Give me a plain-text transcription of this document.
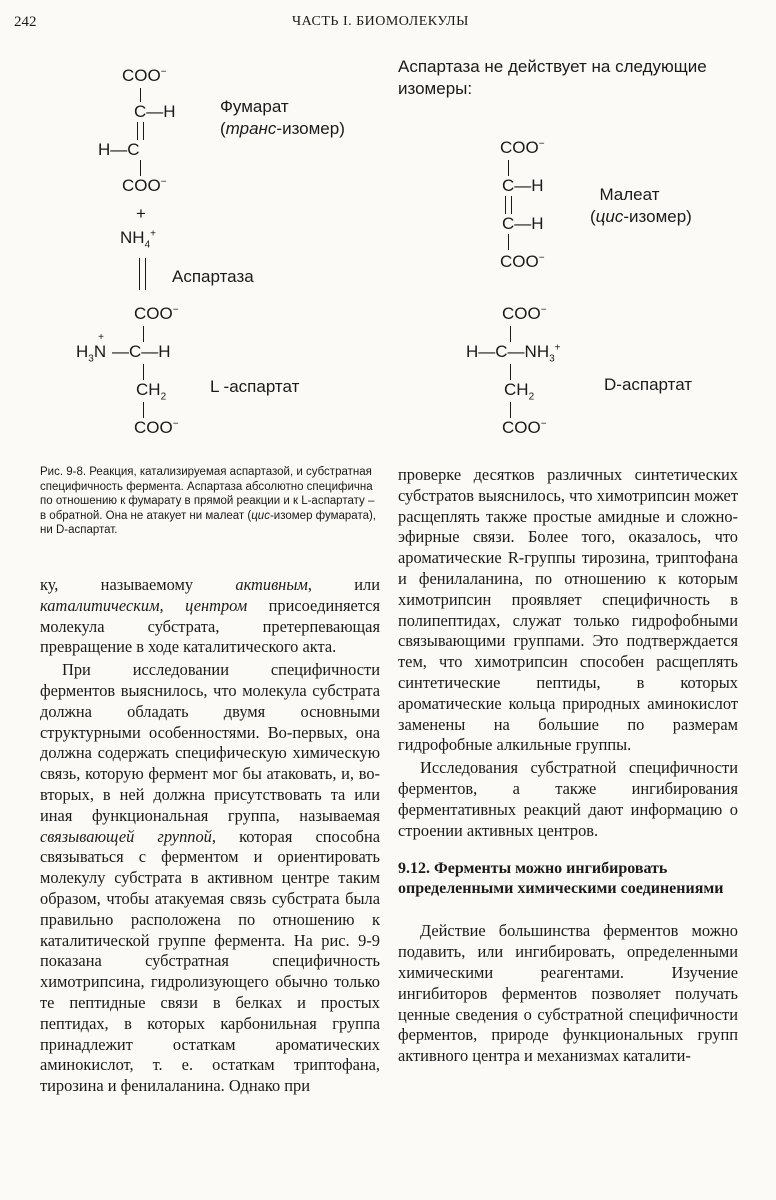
242	ЧАСТЬ I. БИОМОЛЕКУЛЫ
COO−
C—H
H—C
COO−
Фумарат
(транс-изомер)
+
$NH_4^+$
Аспартаза
COO−
$H_3N^+—C—H$
$CH_2$
COO−
L -аспартат
Аспартаза не действует на следующие изомеры:
COO−
C—H
C—H
COO−
Малеат
(цис-изомер)
COO−
$H—C—NH_3^+$
$CH_2$
COO−
D-аспартат
Рис. 9-8. Реакция, катализируемая аспартазой, и субстратная специфичность фермента. Аспартаза абсолютно специфична по отношению к фумарату в прямой реакции и к L-аспартату – в обратной. Она не атакует ни малеат (цис-изомер фумарата), ни D-аспартат.

ку, называемому активным, или каталитическим, центром присоединяется молекула субстрата, претерпевающая превращение в ходе каталитического акта.

При исследовании специфичности ферментов выяснилось, что молекула субстрата должна обладать двумя основными структурными особенностями. Во-первых, она должна содержать специфическую химическую связь, которую фермент мог бы атаковать, и, во-вторых, в ней должна присутствовать та или иная функциональная группа, называемая связывающей группой, которая способна связываться с ферментом и ориентировать молекулу субстрата в активном центре таким образом, чтобы атакуемая связь субстрата была правильно расположена по отношению к каталитической группе фермента. На рис. 9-9 показана субстратная специфичность химотрипсина, гидролизующего обычно только те пептидные связи в белках и простых пептидах, в которых карбонильная группа принадлежит остаткам ароматических аминокислот, т. е. остаткам триптофана, тирозина и фенилаланина. Однако при

проверке десятков различных синтетических субстратов выяснилось, что химотрипсин может расщеплять также простые амидные и сложно-эфирные связи. Более того, оказалось, что ароматические R-группы тирозина, триптофана и фенилаланина, по отношению к которым химотрипсин проявляет специфичность в полипептидах, служат только гидрофобными связывающими группами. Это подтверждается тем, что химотрипсин способен расщеплять синтетические пептиды, в которых ароматические кольца природных аминокислот заменены на большие по размерам гидрофобные алкильные группы.

Исследования субстратной специфичности ферментов, а также ингибирования ферментативных реакций дают информацию о строении активных центров.

9.12. Ферменты можно ингибировать определенными химическими соединениями

Действие большинства ферментов можно подавить, или ингибировать, определенными химическими реагентами. Изучение ингибиторов ферментов позволяет получать ценные сведения о субстратной специфичности ферментов, природе функциональных групп активного центра и механизмах каталити-
